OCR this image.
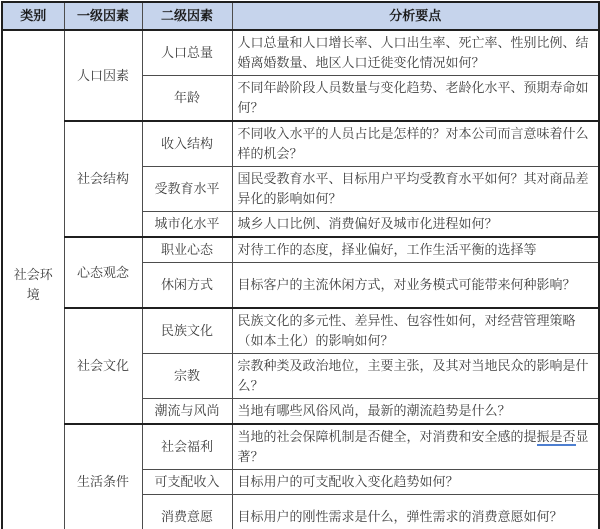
类别	一级因素	二级因素	分析要点
社会环境	人口因素	人口总量	人口总量和人口增长率、人口出生率、死亡率、性别比例、结婚离婚数量、地区人口迁徙变化情况如何？
		年龄	不同年龄阶段人员数量与变化趋势、老龄化水平、预期寿命如何？
	社会结构	收入结构	不同收入水平的人员占比是怎样的？对本公司而言意味着什么样的机会？
		受教育水平	国民受教育水平、目标用户平均受教育水平如何？其对商品差异化的影响如何？
		城市化水平	城乡人口比例、消费偏好及城市化进程如何？
	心态观念	职业心态	对待工作的态度，择业偏好，工作生活平衡的选择等
		休闲方式	目标客户的主流休闲方式，对业务模式可能带来何种影响？
	社会文化	民族文化	民族文化的多元性、差异性、包容性如何，对经营管理策略（如本土化）的影响如何？
		宗教	宗教种类及政治地位，主要主张，及其对当地民众的影响是什么？
		潮流与风尚	当地有哪些风俗风尚，最新的潮流趋势是什么？
	生活条件	社会福利	当地的社会保障机制是否健全，对消费和安全感的提振是否显著？
		可支配收入	目标用户的可支配收入变化趋势如何？
		消费意愿	目标用户的刚性需求是什么，弹性需求的消费意愿如何？
